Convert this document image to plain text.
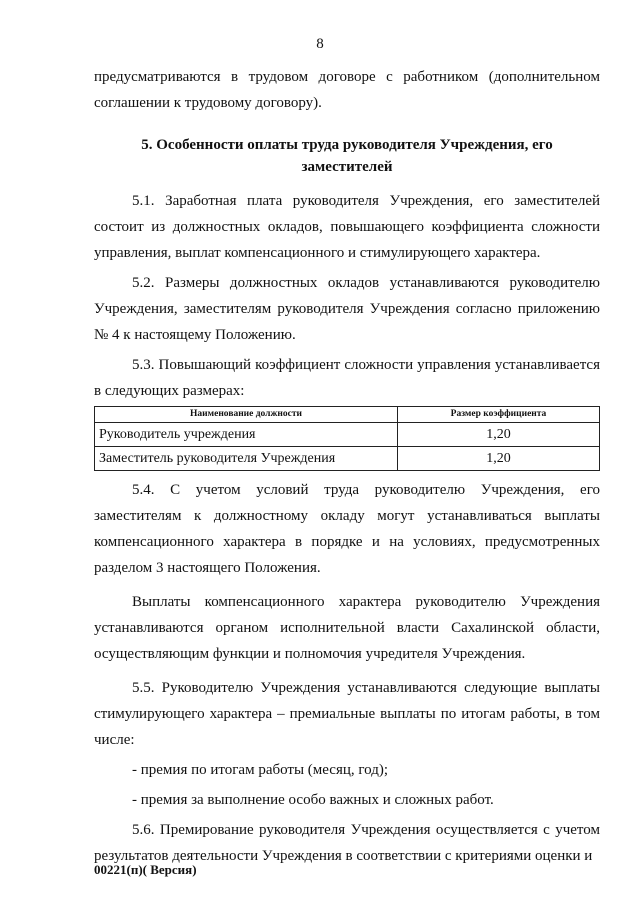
8

предусматриваются в трудовом договоре с работником (дополнительном соглашении к трудовому договору).

5. Особенности оплаты труда руководителя Учреждения, его

заместителей

5.1. Заработная плата руководителя Учреждения, его заместителей состоит из должностных окладов, повышающего коэффициента сложности управления, выплат компенсационного и стимулирующего характера.

5.2. Размеры должностных окладов устанавливаются руководителю Учреждения, заместителям руководителя Учреждения согласно приложению № 4 к настоящему Положению.

5.3. Повышающий коэффициент сложности управления устанавливается в следующих размерах:

Наименование должности	Размер коэффициента
Руководитель учреждения	1,20
Заместитель руководителя Учреждения	1,20

5.4. С учетом условий труда руководителю Учреждения, его заместителям к должностному окладу могут устанавливаться выплаты компенсационного характера в порядке и на условиях, предусмотренных разделом 3 настоящего Положения.

Выплаты компенсационного характера руководителю Учреждения устанавливаются органом исполнительной власти Сахалинской области, осуществляющим функции и полномочия учредителя Учреждения.

5.5. Руководителю Учреждения устанавливаются следующие выплаты стимулирующего характера – премиальные выплаты по итогам работы, в том числе:

- премия по итогам работы (месяц, год);

- премия за выполнение особо важных и сложных работ.

5.6. Премирование руководителя Учреждения осуществляется с учетом результатов деятельности Учреждения в соответствии с критериями оценки и

00221(п)( Версия)
